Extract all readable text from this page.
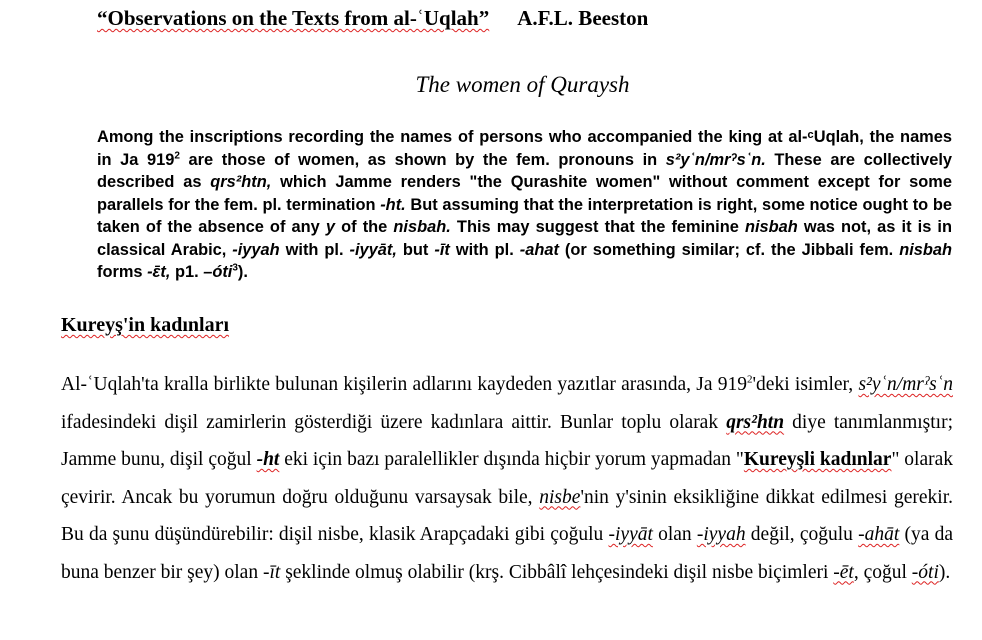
“Observations on the Texts from al-ʿUqlah” A.F.L. Beeston
The women of Quraysh

Among the inscriptions recording the names of persons who accompanied the king at al-ᶜUqlah, the names in Ja $919^2$ are those of women, as shown by the fem. pronouns in s²yʿn/mrˀsʿn. These are collectively described as qrs²htn, which Jamme renders "the Qurashite women" without comment except for some parallels for the fem. pl. termination -ht. But assuming that the interpretation is right, some notice ought to be taken of the absence of any y of the nisbah. This may suggest that the feminine nisbah was not, as it is in classical Arabic, -iyyah with pl. -iyyāt, but -īt with pl. -ahat (or something similar; cf. the Jibbali fem. nisbah forms -ɛ̄t, p1. –óti$^3$).

Kureyş'in kadınları

Al-ʿUqlah'ta kralla birlikte bulunan kişilerin adlarını kaydeden yazıtlar arasında, Ja $919^2'deki$ isimler, s²yʿn/mrˀsʿn ifadesindeki dişil zamirlerin gösterdiği üzere kadınlara aittir. Bunlar toplu olarak qrs²htn diye tanımlanmıştır; Jamme bunu, dişil çoğul -ht eki için bazı paralellikler dışında hiçbir yorum yapmadan "Kureyşli kadınlar" olarak çevirir. Ancak bu yorumun doğru olduğunu varsaysak bile, nisbe'nin y'sinin eksikliğine dikkat edilmesi gerekir. Bu da şunu düşündürebilir: dişil nisbe, klasik Arapçadaki gibi çoğulu -iyyāt olan -iyyah değil, çoğulu -ahāt (ya da buna benzer bir şey) olan -īt şeklinde olmuş olabilir (krş. Cibbâlî lehçesindeki dişil nisbe biçimleri -ēt, çoğul -óti).
